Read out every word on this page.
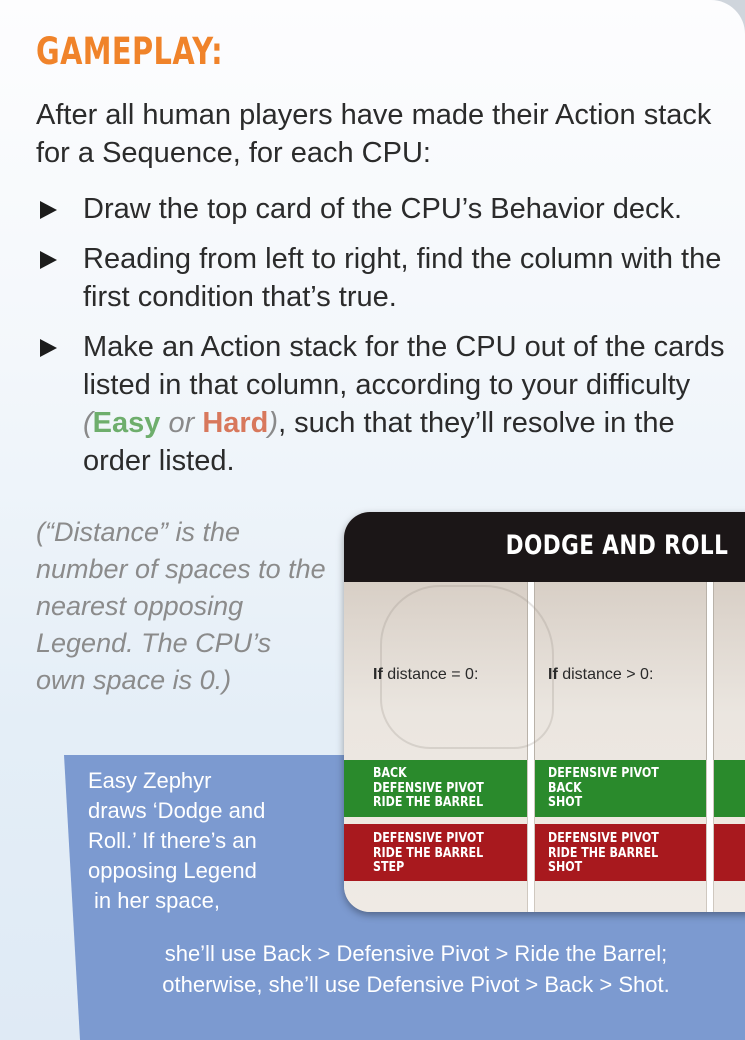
GAMEPLAY:
After all human players have made their Action stack for a Sequence, for each CPU:
Draw the top card of the CPU’s Behavior deck.
Reading from left to right, find the column with the first condition that’s true.
Make an Action stack for the CPU out of the cards listed in that column, according to your difficulty (Easy or Hard), such that they’ll resolve in the order listed.
(“Distance” is the number of spaces to the nearest opposing Legend. The CPU’s own space is 0.)
Easy Zephyr
draws ‘Dodge and
Roll.’ If there’s an
opposing Legend
in her space,
she’ll use Back > Defensive Pivot > Ride the Barrel;
otherwise, she’ll use Defensive Pivot > Back > Shot.
DODGE AND ROLL
If distance = 0:	If distance > 0:
BACK
DEFENSIVE PIVOT
RIDE THE BARREL
DEFENSIVE PIVOT
BACK
SHOT
DEFENSIVE PIVOT
RIDE THE BARREL
STEP
DEFENSIVE PIVOT
RIDE THE BARREL
SHOT
